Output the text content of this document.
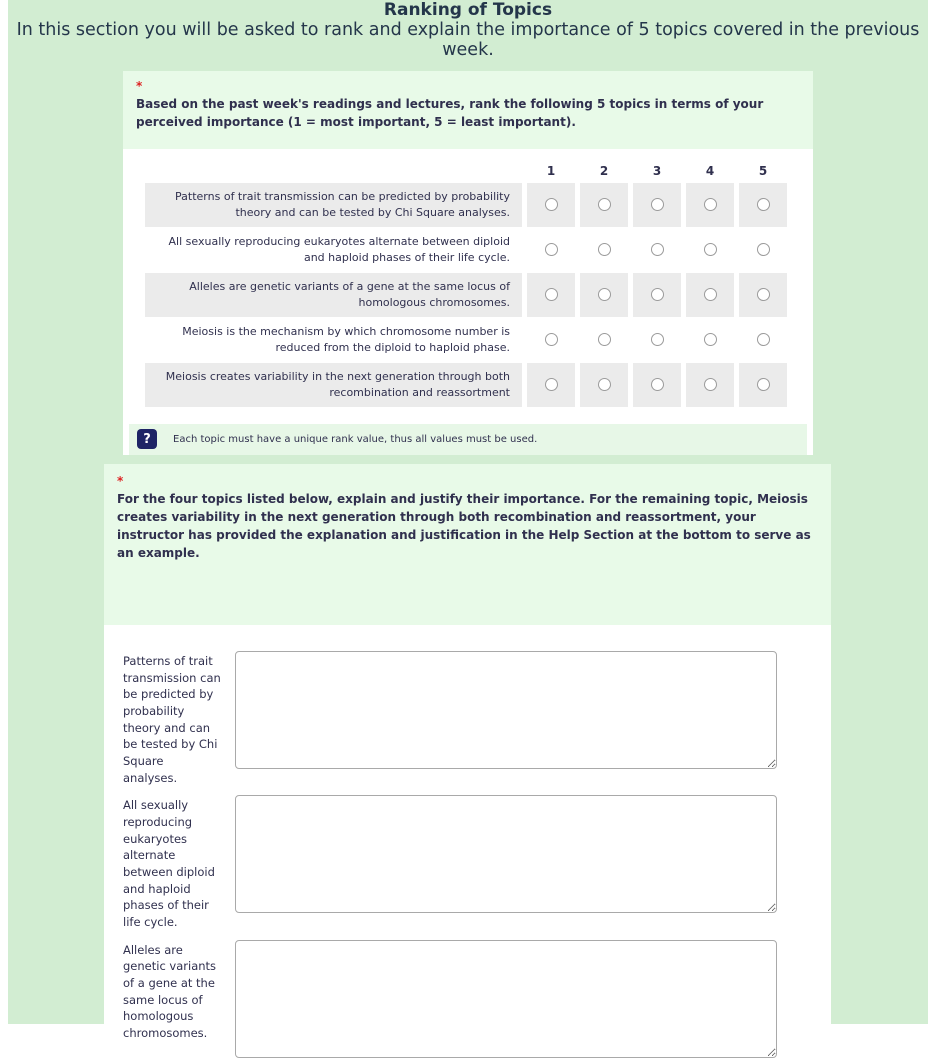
Ranking of Topics
In this section you will be asked to rank and explain the importance of 5 topics covered in the previous week.
*
Based on the past week's readings and lectures, rank the following 5 topics in terms of your perceived importance (1 = most important, 5 = least important).
1	2	3	4	5
Patterns of trait transmission can be predicted by probability theory and can be tested by Chi Square analyses.
All sexually reproducing eukaryotes alternate between diploid and haploid phases of their life cycle.
Alleles are genetic variants of a gene at the same locus of homologous chromosomes.
Meiosis is the mechanism by which chromosome number is reduced from the diploid to haploid phase.
Meiosis creates variability in the next generation through both recombination and reassortment
?	Each topic must have a unique rank value, thus all values must be used.
*
For the four topics listed below, explain and justify their importance. For the remaining topic, Meiosis creates variability in the next generation through both recombination and reassortment, your instructor has provided the explanation and justification in the Help Section at the bottom to serve as an example.
Patterns of trait transmission can be predicted by probability theory and can be tested by Chi Square analyses.
All sexually reproducing eukaryotes alternate between diploid and haploid phases of their life cycle.
Alleles are genetic variants of a gene at the same locus of homologous chromosomes.
